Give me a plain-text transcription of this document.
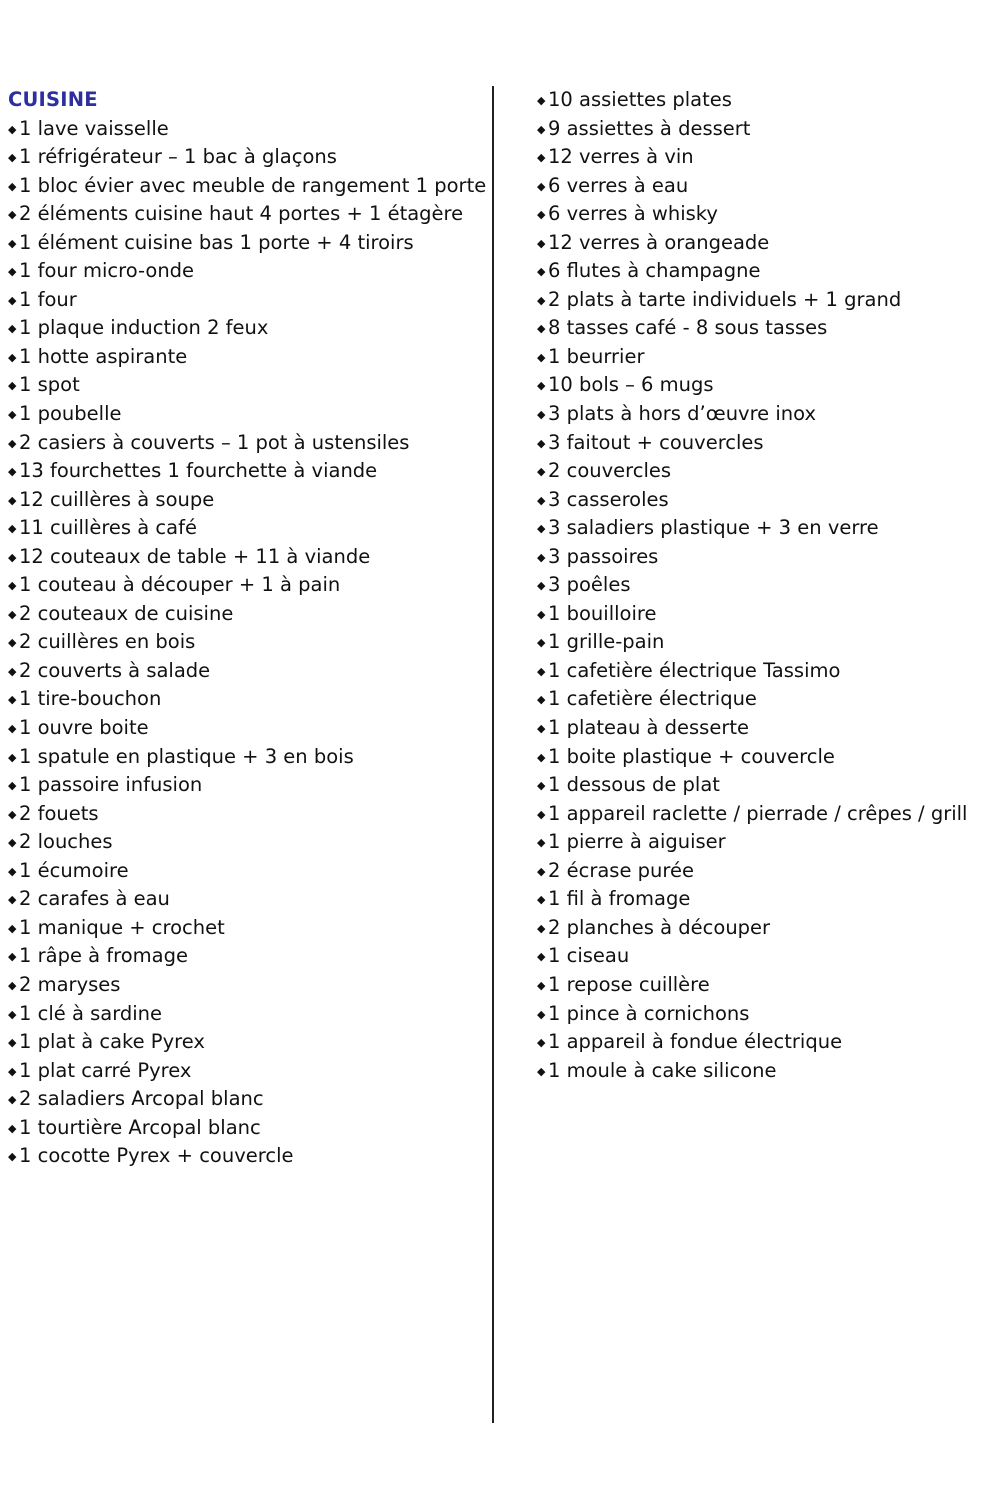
CUISINE
◆ 1 lave vaisselle
◆ 1 réfrigérateur – 1 bac à glaçons
◆ 1 bloc évier avec meuble de rangement 1 porte
◆ 2 éléments cuisine haut 4 portes + 1 étagère
◆ 1 élément cuisine bas 1 porte + 4 tiroirs
◆ 1 four micro-onde
◆ 1 four
◆ 1 plaque induction 2 feux
◆ 1 hotte aspirante
◆ 1 spot
◆ 1 poubelle
◆ 2 casiers à couverts – 1 pot à ustensiles
◆ 13 fourchettes 1 fourchette à viande
◆ 12 cuillères à soupe
◆ 11 cuillères à café
◆ 12 couteaux de table + 11 à viande
◆ 1 couteau à découper + 1 à pain
◆ 2 couteaux de cuisine
◆ 2 cuillères en bois
◆ 2 couverts à salade
◆ 1 tire-bouchon
◆ 1 ouvre boite
◆ 1 spatule en plastique + 3 en bois
◆ 1 passoire infusion
◆ 2 fouets
◆ 2 louches
◆ 1 écumoire
◆ 2 carafes à eau
◆ 1 manique + crochet
◆ 1 râpe à fromage
◆ 2 maryses
◆ 1 clé à sardine
◆ 1 plat à cake Pyrex
◆ 1 plat carré Pyrex
◆ 2 saladiers Arcopal blanc
◆ 1 tourtière Arcopal blanc
◆ 1 cocotte Pyrex + couvercle
◆ 10 assiettes plates
◆ 9 assiettes à dessert
◆ 12 verres à vin
◆ 6 verres à eau
◆ 6 verres à whisky
◆ 12 verres à orangeade
◆ 6 flutes à champagne
◆ 2 plats à tarte individuels + 1 grand
◆ 8 tasses café - 8 sous tasses
◆ 1 beurrier
◆ 10 bols – 6 mugs
◆ 3 plats à hors d’œuvre inox
◆ 3 faitout + couvercles
◆ 2 couvercles
◆ 3 casseroles
◆ 3 saladiers plastique + 3 en verre
◆ 3 passoires
◆ 3 poêles
◆ 1 bouilloire
◆ 1 grille-pain
◆ 1 cafetière électrique Tassimo
◆ 1 cafetière électrique
◆ 1 plateau à desserte
◆ 1 boite plastique + couvercle
◆ 1 dessous de plat
◆ 1 appareil raclette / pierrade / crêpes / grill
◆ 1 pierre à aiguiser
◆ 2 écrase purée
◆ 1 fil à fromage
◆ 2 planches à découper
◆ 1 ciseau
◆ 1 repose cuillère
◆ 1 pince à cornichons
◆ 1 appareil à fondue électrique
◆ 1 moule à cake silicone
